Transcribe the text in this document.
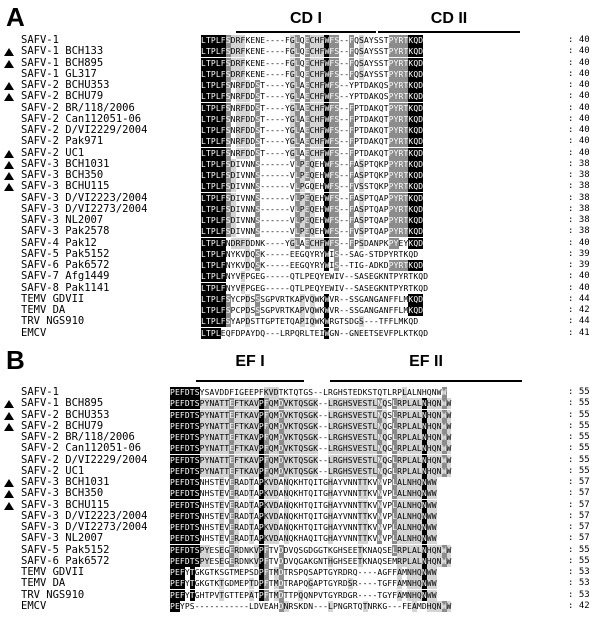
A	CD I	CD II
SAFV-1	LTPLFSDRFKENE----FGLQECHFWFS--FQSAYSSTPYRTKQD	: 40
SAFV-1 BCH133	LTPLFSDRFKENE----FGLQECHFWFS--FQSAYSSTPYRTKQD	: 40
SAFV-1 BCH895	LTPLFSDRFKENE----FGLQECHFWFS--FQSAYSSTPYRTKQD	: 40
SAFV-1 GL317	LTPLFSDRFKENE----FGLQECHFWFS--FQSAYSSTPYRTKQD	: 40
SAFV-2 BCHU353	LTPLFSNRFDDST----YGLAECHFWFS--YPTDAKQSPYRTKQD	: 40
SAFV-2 BCHU79	LTPLFSNRFDDST----YGLAECHFWFS--YPTDAKQSPYRTKQD	: 40
SAFV-2 BR/118/2006	LTPLFSNRFDDST----YGLAECHFWFS--FPTDAKQTPYRTKQD	: 40
SAFV-2 Can112051-06	LTPLFSNRFDDST----YGLAECHFWFS--FPTDAKQTPYRTKQD	: 40
SAFV-2 D/VI2229/2004	LTPLFSNRFDDST----YGLAECHFWFS--FPTDAKQTPYRTKQD	: 40
SAFV-2 Pak971	LTPLFSNRFDDST----YGLAECHFWFS--FPTDAKQTPYRTKQD	: 40
SAFV-2 UC1	LTPLFSNRFDDST----YGLAECHFWFS--FPTDAKQTPYRTKQD	: 40
SAFV-3 BCH1031	LTPLFSDIVNNS------VLPEQEHWFS--FASPTQKPPYRTKQD	: 38
SAFV-3 BCH350	LTPLFSDIVNNS------VLPEQEHWFS--FASPTQKPPYRTKQD	: 38
SAFV-3 BCHU115	LTPLFSDIVNNS------VLPGQEHWFS--FVSSTQKPPYRTKQD	: 38
SAFV-3 D/VI2223/2004	LTPLFSDIVNNS------VLPEQEHWFS--FASPTQAPPYRTKQD	: 38
SAFV-3 D/VI2273/2004	LTPLFSDIVNNS------VLPEQEHWFS--FASPTQAPPYRTKQD	: 38
SAFV-3 NL2007	LTPLFSDIVNNS------VLPEQEHWFS--FASPTQAPPYRTKQD	: 38
SAFV-3 Pak2578	LTPLFSDIVNNS------VLPEQEHWFS--FVSPTQAPPYRTKQD	: 38
SAFV-4 Pak12	LTPLFNDRFDDNK----YGLAECHFWFS--FPSDANPKPYEYKQD	: 40
SAFV-5 Pak5152	LTPLFNYKVDQSK-----EEGQYRYWIS--SAG-STDPYRTKQD	: 39
SAFV-6 Pak6572	LTPLFNYKVDQSK-----EEGQYRYWIS--TIG-ADKDPYRTKQD	: 39
SAFV-7 Afg1449	LTPLFNYVFPGEG-----QTLPEQYEWIV--SASEGKNTPYRTKQD	: 40
SAFV-8 Pak1141	LTPLFNYVFPGEG-----QTLPEQYEWIV--SASEGKNTPYRTKQD	: 40
TEMV GDVII	LTPLFSYCPDSSSGPVRTKAPVQWKWVR--SSGANGANFFLMKQD	: 44
TEMV DA	LTPLFSPCPDSSSGPVRTKAPVQWKWVR--SSGANGANFFLMKQD	: 42
TRV NGS910	LTPLFSYAPDSTTGPTETQAPIQWKWRGTSDGS---TFFLMKQD	: 44
EMCV	LTPLEQFDPAYDQ---LRPQRLTEIWGN--GNEETSEVFPLKTKQD	: 41
B	EF I	EF II
SAFV-1	PEFDTSYSAVDDFIGEEPFKVDTKTQTGS--LRGHSTEDKSTQTLRPLALNHQNWW	: 55
SAFV-1 BCH895	PEFDTSPYNATTEFTKAVPFQMDVKTQSGK--LRGHSVESTLNQSLRPLALNHQNWW	: 55
SAFV-2 BCHU353	PEFDTSPYNATTEFTKAVPFQMDVKTQSGK--LRGHSVESTLNQSLRPLALNHQNWW	: 55
SAFV-2 BCHU79	PEFDTSPYNATTEFTKAVPFQMDVKTQSGK--LRGHSVESTLNQGLRPLALNHQNWW	: 55
SAFV-2 BR/118/2006	PEFDTSPYNATTEFTKAVPFQMDVKTQSGK--LRGHSVESTLNQGLRPLALNHQNWW	: 55
SAFV-2 Can112051-06	PEFDTSPYNATTEFTKAVPFQMDVKTQSGK--LRGHSVESTLNQGLRPLALNHQNWW	: 55
SAFV-2 D/VI2229/2004	PEFDTSPYNATTEFTKAVPFQMDVKTQSGK--LRGHSVESTLNQGLRPLALNHQNWW	: 55
SAFV-2 UC1	PEFDTSPYNATTEFTKAVPFQMDVKTQSGK--LRGHSVESTLNQGLRPLALNHQNWW	: 55
SAFV-3 BCH1031	PEFDTSNHSTEVERADTAPKVDANQKHTQITGHAYVNNTTKVNVPLALNHQNWW	: 57
SAFV-3 BCH350	PEFDTSNHSTEVERADTAPKVDANQKHTQITGHAYVNNTTKVNVPLALNHQNWW	: 57
SAFV-3 BCHU115	PEFDTSNHSTEVERADTAPKVDANQKHTQITGHAYVNNTTKVNVPLALNHQNWW	: 57
SAFV-3 D/VI2223/2004	PEFDTSNHSTEVERADTAPKVDANQKHTQITGHAYVNNTTKVNVPLALNHQNWW	: 57
SAFV-3 D/VI2273/2004	PEFDTSNHSTEVERADTAPKVDANQKHTQITGHAYVNNTTKVNVPLALNHQNWW	: 57
SAFV-3 NL2007	PEFDTSNHSTEVERADTAPKVDANQKHAQITGHAYVNNTTKVNVPLALNHQNWW	: 57
SAFV-5 Pak5152	PEFDTSPYESEGERDNKVPFTVDDVQSGDGGTKGHSEETKNAQSELRPLALNHQNWW	: 55
SAFV-6 Pak6572	PEFDTSPYESEGERDNKVPFTVDDVQGAKGNTHGHSEETKNAQSEMRPLALNHQNWW	: 55
TEMV GDVII	PEFYTGKGTKSGTMEPSDPFTMDTRSPQSAPTGYRDRQ----AGFFAMNHQNWW	: 53
TEMV DA	PEFYTGKGTKTGDMEPTDPFTMDTRAPQGAPTGYRDSR----TGFFAMNHQNWW	: 53
TRV NGS910	PEFYTGHTPVTGTTEPATPFTMDTTPQQNPVTGYRDGR----TGYFAMNHQNWW	: 53
EMCV	PEYPS-----------LDVEAHDNRSKDN---LPNGRTQTNRKG---FEAMDHQNWW	: 42
